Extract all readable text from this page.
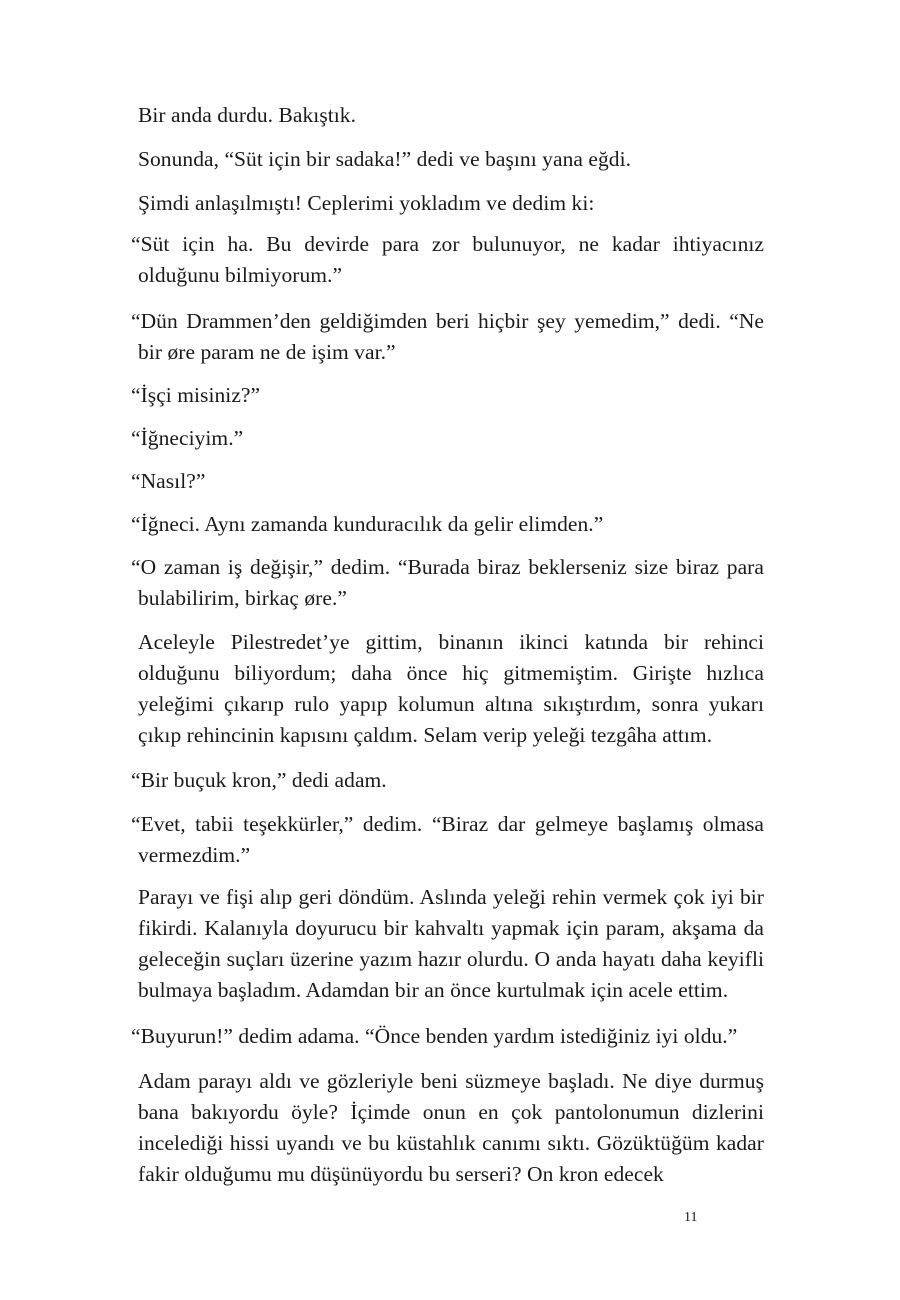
Bir anda durdu. Bakıştık.

Sonunda, “Süt için bir sadaka!” dedi ve başını yana eğdi.

Şimdi anlaşılmıştı! Ceplerimi yokladım ve dedim ki:

“Süt için ha. Bu devirde para zor bulunuyor, ne kadar ihtiyacınız olduğunu bilmiyorum.”

“Dün Drammen’den geldiğimden beri hiçbir şey yemedim,” dedi. “Ne bir øre param ne de işim var.”

“İşçi misiniz?”

“İğneciyim.”

“Nasıl?”

“İğneci. Aynı zamanda kunduracılık da gelir elimden.”

“O zaman iş değişir,” dedim. “Burada biraz beklerseniz size biraz para bulabilirim, birkaç øre.”

Aceleyle Pilestredet’ye gittim, binanın ikinci katında bir rehinci olduğunu biliyordum; daha önce hiç gitmemiştim. Girişte hızlıca yeleğimi çıkarıp rulo yapıp kolumun altına sıkıştırdım, sonra yukarı çıkıp rehincinin kapısını çaldım. Selam verip yeleği tezgâha attım.

“Bir buçuk kron,” dedi adam.

“Evet, tabii teşekkürler,” dedim. “Biraz dar gelmeye başlamış olmasa vermezdim.”

Parayı ve fişi alıp geri döndüm. Aslında yeleği rehin vermek çok iyi bir fikirdi. Kalanıyla doyurucu bir kahvaltı yapmak için param, akşama da geleceğin suçları üzerine yazım hazır olurdu. O anda hayatı daha keyifli bulmaya başladım. Adamdan bir an önce kurtulmak için acele ettim.

“Buyurun!” dedim adama. “Önce benden yardım istediğiniz iyi oldu.”

Adam parayı aldı ve gözleriyle beni süzmeye başladı. Ne diye durmuş bana bakıyordu öyle? İçimde onun en çok pantolonumun dizlerini incelediği hissi uyandı ve bu küstahlık canımı sıktı. Gözüktüğüm kadar fakir olduğumu mu düşünüyordu bu serseri? On kron edecek

11
